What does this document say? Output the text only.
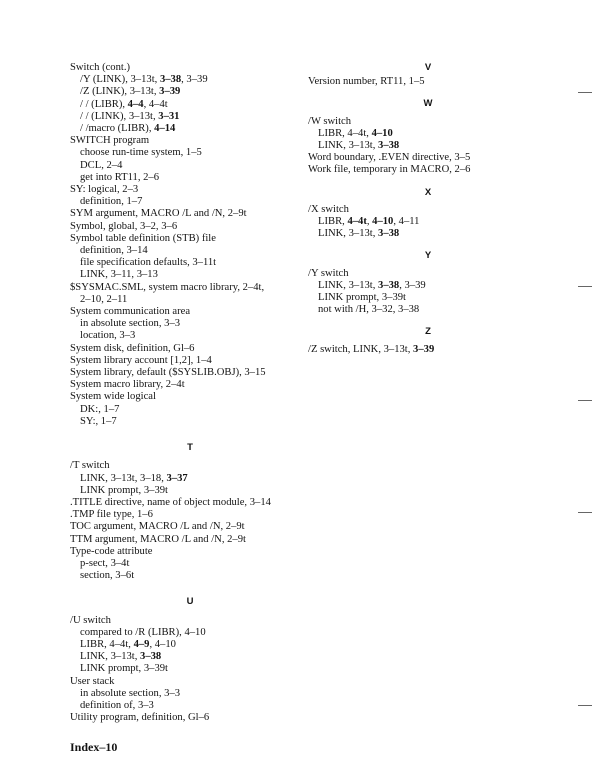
Switch (cont.)
/Y (LINK), 3–13t, 3–38, 3–39
/Z (LINK), 3–13t, 3–39
/ / (LIBR), 4–4, 4–4t
/ / (LINK), 3–13t, 3–31
/ /macro (LIBR), 4–14
SWITCH program
choose run-time system, 1–5
DCL, 2–4
get into RT11, 2–6
SY: logical, 2–3
definition, 1–7
SYM argument, MACRO /L and /N, 2–9t
Symbol, global, 3–2, 3–6
Symbol table definition (STB) file
definition, 3–14
file specification defaults, 3–11t
LINK, 3–11, 3–13
$SYSMAC.SML, system macro library, 2–4t,
2–10, 2–11
System communication area
in absolute section, 3–3
location, 3–3
System disk, definition, Gl–6
System library account [1,2], 1–4
System library, default ($SYSLIB.OBJ), 3–15
System macro library, 2–4t
System wide logical
DK:, 1–7
SY:, 1–7
T
/T switch
LINK, 3–13t, 3–18, 3–37
LINK prompt, 3–39t
.TITLE directive, name of object module, 3–14
.TMP file type, 1–6
TOC argument, MACRO /L and /N, 2–9t
TTM argument, MACRO /L and /N, 2–9t
Type-code attribute
p-sect, 3–4t
section, 3–6t
U
/U switch
compared to /R (LIBR), 4–10
LIBR, 4–4t, 4–9, 4–10
LINK, 3–13t, 3–38
LINK prompt, 3–39t
User stack
in absolute section, 3–3
definition of, 3–3
Utility program, definition, Gl–6
V
Version number, RT11, 1–5
W
/W switch
LIBR, 4–4t, 4–10
LINK, 3–13t, 3–38
Word boundary, .EVEN directive, 3–5
Work file, temporary in MACRO, 2–6
X
/X switch
LIBR, 4–4t, 4–10, 4–11
LINK, 3–13t, 3–38
Y
/Y switch
LINK, 3–13t, 3–38, 3–39
LINK prompt, 3–39t
not with /H, 3–32, 3–38
Z
/Z switch, LINK, 3–13t, 3–39
Index–10
